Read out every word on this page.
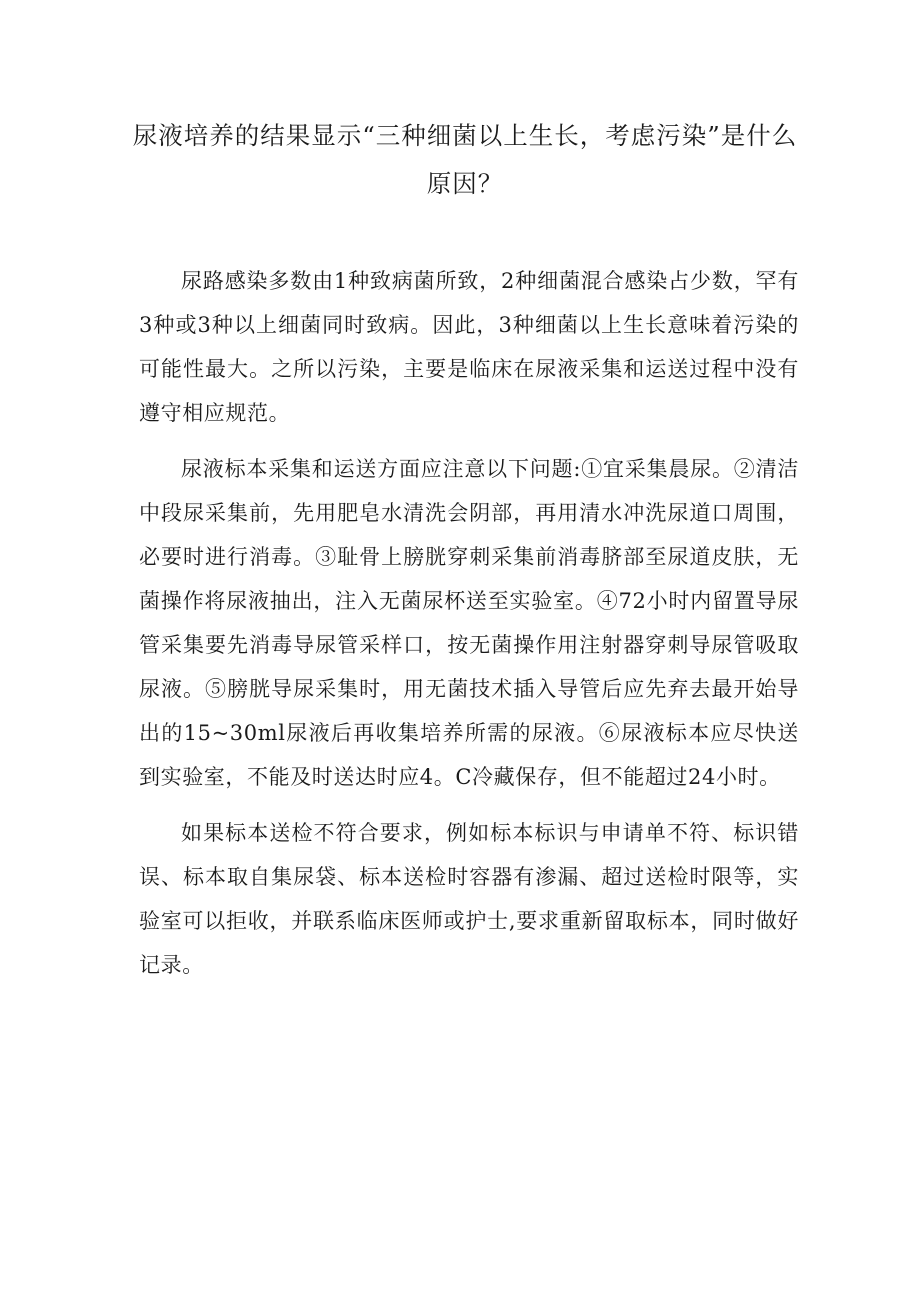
尿液培养的结果显示“三种细菌以上生长，考虑污染”是什么原因？

尿路感染多数由1种致病菌所致，2种细菌混合感染占少数，罕有3种或3种以上细菌同时致病。因此，3种细菌以上生长意味着污染的可能性最大。之所以污染，主要是临床在尿液采集和运送过程中没有遵守相应规范。

尿液标本采集和运送方面应注意以下问题:①宜采集晨尿。②清洁中段尿采集前，先用肥皂水清洗会阴部，再用清水冲洗尿道口周围，必要时进行消毒。③耻骨上膀胱穿刺采集前消毒脐部至尿道皮肤，无菌操作将尿液抽出，注入无菌尿杯送至实验室。④72小时内留置导尿管采集要先消毒导尿管采样口，按无菌操作用注射器穿刺导尿管吸取尿液。⑤膀胱导尿采集时，用无菌技术插入导管后应先弃去最开始导出的15~30ml尿液后再收集培养所需的尿液。⑥尿液标本应尽快送到实验室，不能及时送达时应4。C冷藏保存，但不能超过24小时。

如果标本送检不符合要求，例如标本标识与申请单不符、标识错误、标本取自集尿袋、标本送检时容器有渗漏、超过送检时限等，实验室可以拒收，并联系临床医师或护士,要求重新留取标本，同时做好记录。
